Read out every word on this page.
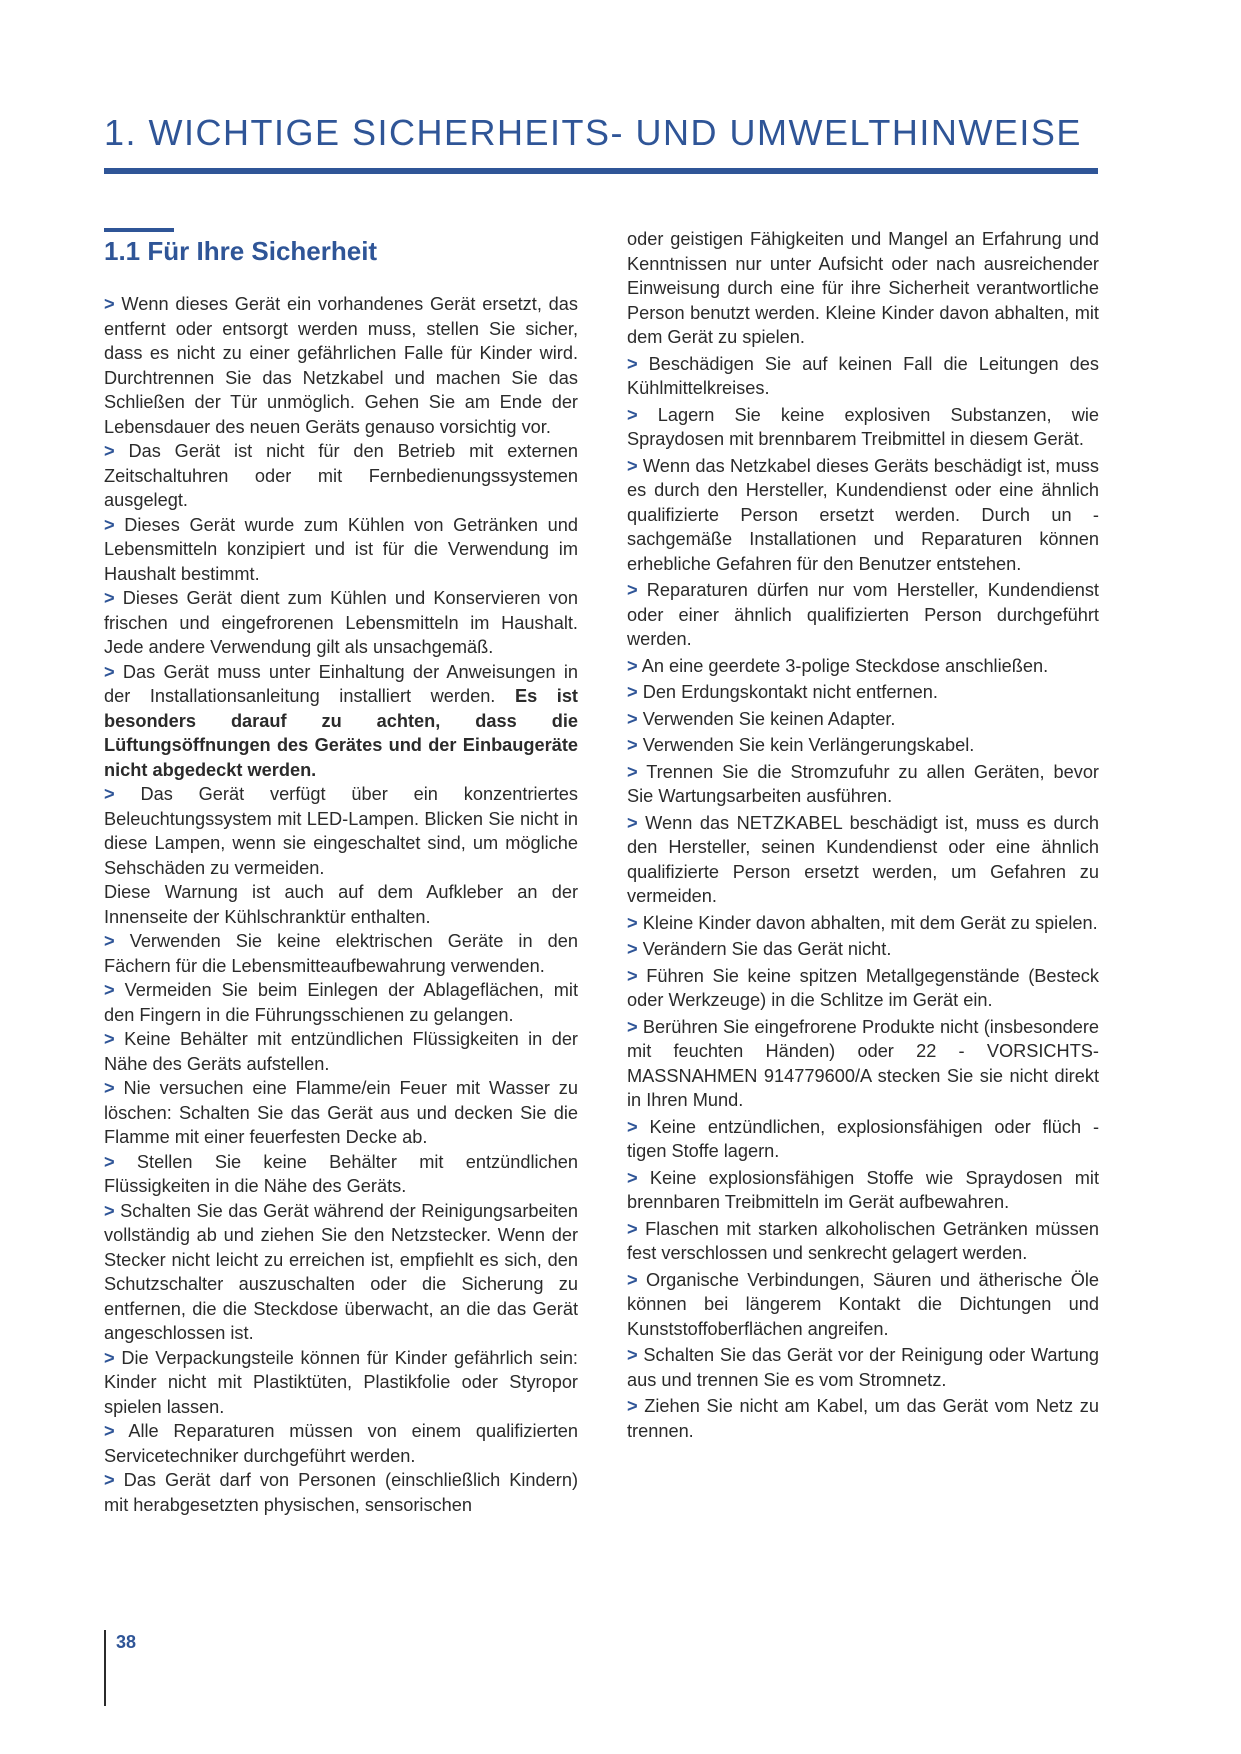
1. WICHTIGE SICHERHEITS- UND UMWELTHINWEISE
1.1 Für Ihre Sicherheit

> Wenn dieses Gerät ein vorhandenes Gerät ersetzt, das entfernt oder entsorgt werden muss, stellen Sie sicher, dass es nicht zu einer gefährlichen Falle für Kinder wird. Durchtrennen Sie das Netzkabel und machen Sie das Schließen der Tür unmöglich. Gehen Sie am Ende der Lebensdauer des neuen Geräts genauso vorsichtig vor.

> Das Gerät ist nicht für den Betrieb mit externen Zeitschaltuhren oder mit Fernbedienungssystemen ausgelegt.

> Dieses Gerät wurde zum Kühlen von Getränken und Lebensmitteln konzipiert und ist für die Verwendung im Haushalt bestimmt.

> Dieses Gerät dient zum Kühlen und Konservieren von frischen und eingefrorenen Lebensmitteln im Haushalt. Jede andere Verwendung gilt als unsachgemäß.

> Das Gerät muss unter Einhaltung der Anweisungen in der Installationsanleitung installiert werden. Es ist besonders darauf zu achten, dass die Lüftungsöffnungen des Gerätes und der Einbaugeräte nicht abgedeckt werden.

> Das Gerät verfügt über ein konzentriertes Beleuchtungssystem mit LED-Lampen. Blicken Sie nicht in diese Lampen, wenn sie eingeschaltet sind, um mögliche Sehschäden zu vermeiden.

Diese Warnung ist auch auf dem Aufkleber an der Innenseite der Kühlschranktür enthalten.

> Verwenden Sie keine elektrischen Geräte in den Fächern für die Lebensmitteaufbewahrung verwenden.

> Vermeiden Sie beim Einlegen der Ablageflächen, mit den Fingern in die Führungsschienen zu gelangen.

> Keine Behälter mit entzündlichen Flüssigkeiten in der Nähe des Geräts aufstellen.

> Nie versuchen eine Flamme/ein Feuer mit Wasser zu löschen: Schalten Sie das Gerät aus und decken Sie die Flamme mit einer feuerfesten Decke ab.

> Stellen Sie keine Behälter mit entzündlichen Flüssigkeiten in die Nähe des Geräts.

> Schalten Sie das Gerät während der Reinigungsarbeiten vollständig ab und ziehen Sie den Netzstecker. Wenn der Stecker nicht leicht zu erreichen ist, empfiehlt es sich, den Schutzschalter auszuschalten oder die Sicherung zu entfernen, die die Steckdose überwacht, an die das Gerät angeschlossen ist.

> Die Verpackungsteile können für Kinder gefährlich sein: Kinder nicht mit Plastiktüten, Plastikfolie oder Styropor spielen lassen.

> Alle Reparaturen müssen von einem qualifizierten Servicetechniker durchgeführt werden.

> Das Gerät darf von Personen (einschließlich Kindern) mit herabgesetzten physischen, sensorischen

oder geistigen Fähigkeiten und Mangel an Erfahrung und Kenntnissen nur unter Aufsicht oder nach ausreichender Einweisung durch eine für ihre Sicherheit verantwortliche Person benutzt werden. Kleine Kinder davon abhalten, mit dem Gerät zu spielen.

> Beschädigen Sie auf keinen Fall die Leitungen des Kühlmittelkreises.

> Lagern Sie keine explosiven Substanzen, wie Spraydosen mit brennbarem Treibmittel in diesem Gerät.

> Wenn das Netzkabel dieses Geräts beschädigt ist, muss es durch den Hersteller, Kundendienst oder eine ähnlich qualifizierte Person ersetzt werden. Durch un - sachgemäße Installationen und Reparaturen können erhebliche Gefahren für den Benutzer entstehen.

> Reparaturen dürfen nur vom Hersteller, Kundendienst oder einer ähnlich qualifizierten Person durchgeführt werden.

> An eine geerdete 3-polige Steckdose anschließen.

> Den Erdungskontakt nicht entfernen.

> Verwenden Sie keinen Adapter.

> Verwenden Sie kein Verlängerungskabel.

> Trennen Sie die Stromzufuhr zu allen Geräten, bevor Sie Wartungsarbeiten ausführen.

> Wenn das NETZKABEL beschädigt ist, muss es durch den Hersteller, seinen Kundendienst oder eine ähnlich qualifizierte Person ersetzt werden, um Gefahren zu vermeiden.

> Kleine Kinder davon abhalten, mit dem Gerät zu spielen.

> Verändern Sie das Gerät nicht.

> Führen Sie keine spitzen Metallgegenstände (Besteck oder Werkzeuge) in die Schlitze im Gerät ein.

> Berühren Sie eingefrorene Produkte nicht (insbesondere mit feuchten Händen) oder 22 - VORSICHTS-MASSNAHMEN 914779600/A stecken Sie sie nicht direkt in Ihren Mund.

> Keine entzündlichen, explosionsfähigen oder flüch - tigen Stoffe lagern.

> Keine explosionsfähigen Stoffe wie Spraydosen mit brennbaren Treibmitteln im Gerät aufbewahren.

> Flaschen mit starken alkoholischen Getränken müssen fest verschlossen und senkrecht gelagert werden.

> Organische Verbindungen, Säuren und ätherische Öle können bei längerem Kontakt die Dichtungen und Kunststoffoberflächen angreifen.

> Schalten Sie das Gerät vor der Reinigung oder Wartung aus und trennen Sie es vom Stromnetz.

> Ziehen Sie nicht am Kabel, um das Gerät vom Netz zu trennen.

38
